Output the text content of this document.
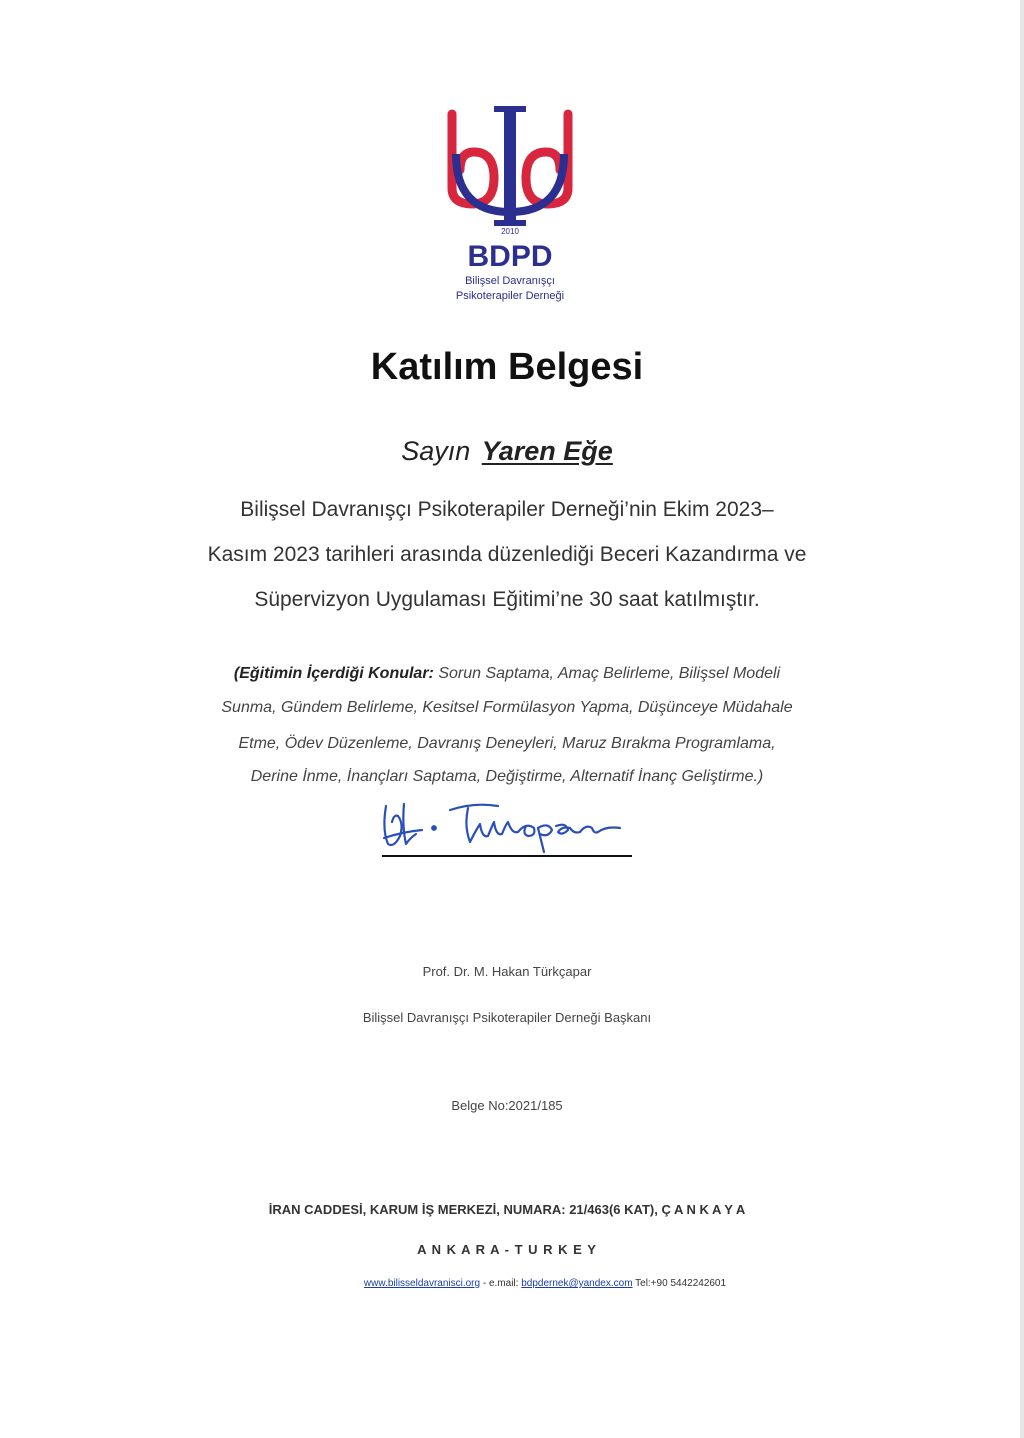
2010
BDPD
Bilişsel Davranışçı
Psikoterapiler Derneği
Katılım Belgesi
Sayın Yaren Eğe
Bilişsel Davranışçı Psikoterapiler Derneği’nin Ekim 2023–
Kasım 2023 tarihleri arasında düzenlediği Beceri Kazandırma ve
Süpervizyon Uygulaması Eğitimi’ne 30 saat katılmıştır.
(Eğitimin İçerdiği Konular: Sorun Saptama, Amaç Belirleme, Bilişsel Modeli
Sunma, Gündem Belirleme, Kesitsel Formülasyon Yapma, Düşünceye Müdahale
Etme, Ödev Düzenleme, Davranış Deneyleri, Maruz Bırakma Programlama,
Derine İnme, İnançları Saptama, Değiştirme, Alternatif İnanç Geliştirme.)
Prof. Dr. M. Hakan Türkçapar
Bilişsel Davranışçı Psikoterapiler Derneği Başkanı
Belge No:2021/185
İRAN CADDESİ, KARUM İŞ MERKEZİ, NUMARA: 21/463(6 KAT), Ç A N K A Y A
A N K A R A - T U R K E Y
www.bilisseldavranisci.org - e.mail: bdpdernek@yandex.com Tel:+90 5442242601
